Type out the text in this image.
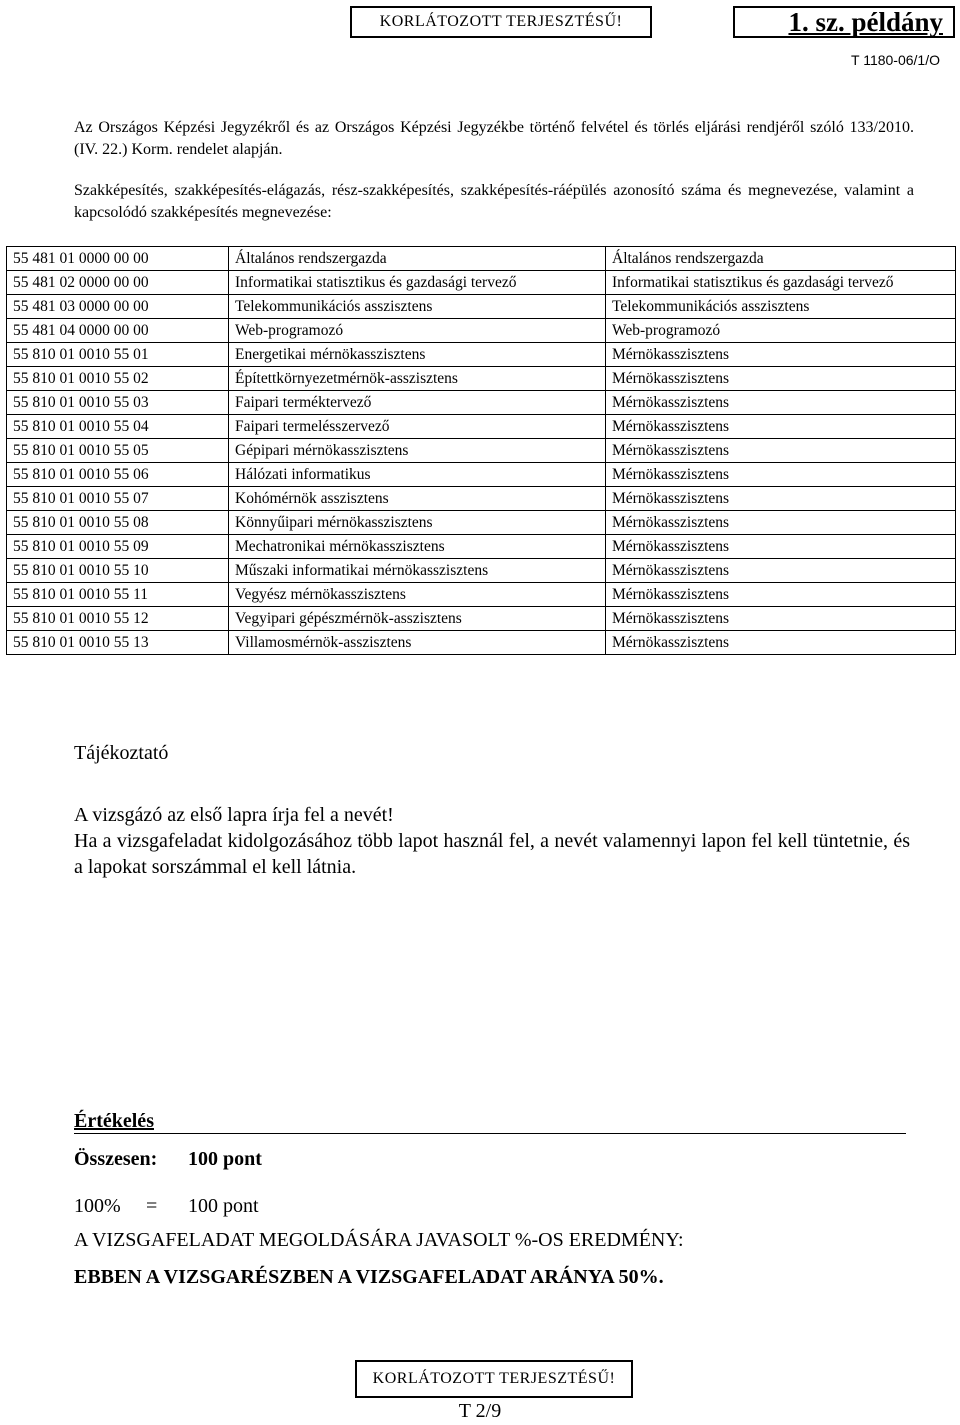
KORLÁTOZOTT TERJESZTÉSŰ!	1. sz. példány
T 1180-06/1/O
Az Országos Képzési Jegyzékről és az Országos Képzési Jegyzékbe történő felvétel és törlés eljárási rendjéről szóló 133/2010. (IV. 22.) Korm. rendelet alapján.
Szakképesítés, szakképesítés-elágazás, rész-szakképesítés, szakképesítés-ráépülés azonosító száma és megnevezése, valamint a kapcsolódó szakképesítés megnevezése:
55 481 01 0000 00 00	Általános rendszergazda	Általános rendszergazda
55 481 02 0000 00 00	Informatikai statisztikus és gazdasági tervező	Informatikai statisztikus és gazdasági tervező
55 481 03 0000 00 00	Telekommunikációs asszisztens	Telekommunikációs asszisztens
55 481 04 0000 00 00	Web-programozó	Web-programozó
55 810 01 0010 55 01	Energetikai mérnökasszisztens	Mérnökasszisztens
55 810 01 0010 55 02	Építettkörnyezetmérnök-asszisztens	Mérnökasszisztens
55 810 01 0010 55 03	Faipari terméktervező	Mérnökasszisztens
55 810 01 0010 55 04	Faipari termelésszervező	Mérnökasszisztens
55 810 01 0010 55 05	Gépipari mérnökasszisztens	Mérnökasszisztens
55 810 01 0010 55 06	Hálózati informatikus	Mérnökasszisztens
55 810 01 0010 55 07	Kohómérnök asszisztens	Mérnökasszisztens
55 810 01 0010 55 08	Könnyűipari mérnökasszisztens	Mérnökasszisztens
55 810 01 0010 55 09	Mechatronikai mérnökasszisztens	Mérnökasszisztens
55 810 01 0010 55 10	Műszaki informatikai mérnökasszisztens	Mérnökasszisztens
55 810 01 0010 55 11	Vegyész mérnökasszisztens	Mérnökasszisztens
55 810 01 0010 55 12	Vegyipari gépészmérnök-asszisztens	Mérnökasszisztens
55 810 01 0010 55 13	Villamosmérnök-asszisztens	Mérnökasszisztens
Tájékoztató
A vizsgázó az első lapra írja fel a nevét!
Ha a vizsgafeladat kidolgozásához több lapot használ fel, a nevét valamennyi lapon fel kell tüntetnie, és a lapokat sorszámmal el kell látnia.
Értékelés
Összesen: 100 pont
100% = 100 pont
A VIZSGAFELADAT MEGOLDÁSÁRA JAVASOLT %-OS EREDMÉNY:
EBBEN A VIZSGARÉSZBEN A VIZSGAFELADAT ARÁNYA 50%.
KORLÁTOZOTT TERJESZTÉSŰ!
T 2/9
